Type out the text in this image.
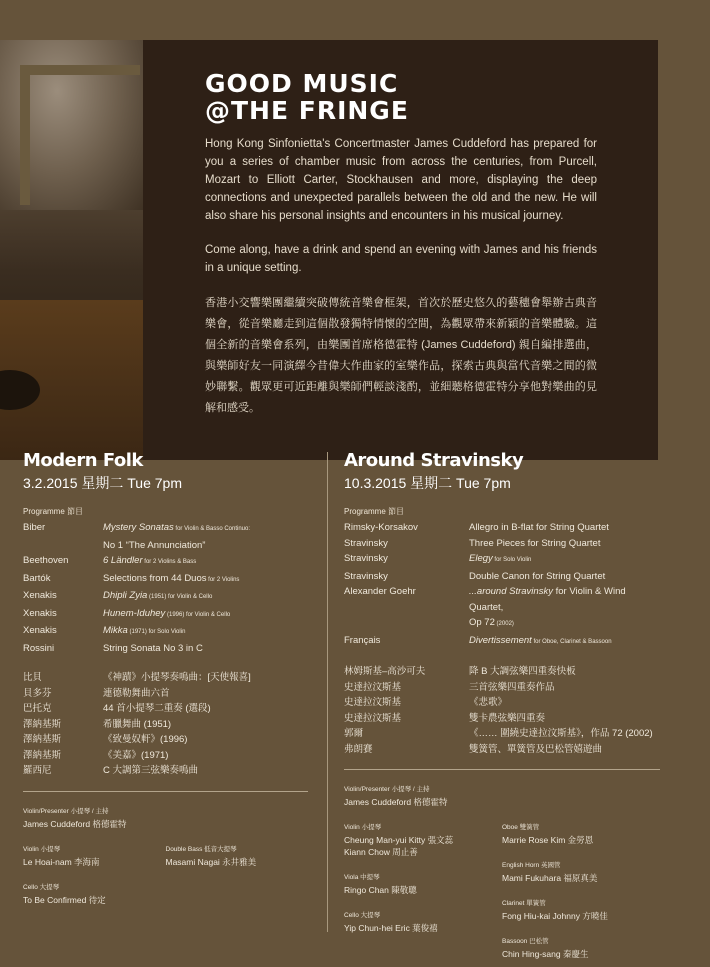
GOOD MUSIC
@THE FRINGE

Hong Kong Sinfonietta's Concertmaster James Cuddeford has prepared for you a series of chamber music from across the centuries, from Purcell, Mozart to Elliott Carter, Stockhausen and more, displaying the deep connections and unexpected parallels between the old and the new. He will also share his personal insights and encounters in his musical journey.

Come along, have a drink and spend an evening with James and his friends in a unique setting.

香港小交響樂團繼續突破傳統音樂會框架，首次於歷史悠久的藝穗會舉辦古典音樂會，從音樂廳走到這個散發獨特情懷的空間，為觀眾帶來新穎的音樂體驗。這個全新的音樂會系列，由樂團首席格德霍特 (James Cuddeford) 親自編排選曲，與樂師好友一同演繹今昔偉大作曲家的室樂作品，探索古典與當代音樂之間的微妙聯繫。觀眾更可近距離與樂師們輕談淺酌，並細聽格德霍特分享他對樂曲的見解和感受。

Modern Folk
3.2.2015 星期二 Tue 7pm
Programme 節目
Biber	Mystery Sonatas for Violin & Basso Continuo:
No 1 “The Annunciation”
Beethoven	6 Ländler for 2 Violins & Bass
Bartók	Selections from 44 Duos for 2 Violins
Xenakis	Dhipli Zyia (1951) for Violin & Cello
Xenakis	Hunem-Iduhey (1996) for Violin & Cello
Xenakis	Mikka (1971) for Solo Violin
Rossini	String Sonata No 3 in C
比貝	《神蹟》小提琴奏鳴曲：[天使報喜]
貝多芬	連德勒舞曲六首
巴托克	44 首小提琴二重奏 (選段)
澤納基斯	希臘舞曲 (1951)
澤納基斯	《致曼奴軒》(1996)
澤納基斯	《美嘉》(1971)
羅西尼	C 大調第三弦樂奏鳴曲
Violin/Presenter 小提琴 / 主持
James Cuddeford 格德霍特
Violin 小提琴
Le Hoai-nam 李海南
Cello 大提琴
To Be Confirmed 待定
Double Bass 低音大提琴
Masami Nagai 永井雅美
Around Stravinsky
10.3.2015 星期二 Tue 7pm
Programme 節目
Rimsky-Korsakov	Allegro in B-flat for String Quartet
Stravinsky	Three Pieces for String Quartet
Stravinsky	Elegy for Solo Violin
Stravinsky	Double Canon for String Quartet
Alexander Goehr	...around Stravinsky for Violin & Wind Quartet,
Op 72 (2002)
Français	Divertissement for Oboe, Clarinet & Bassoon
林姆斯基–高沙可夫	降 B 大調弦樂四重奏快板
史達拉汶斯基	三首弦樂四重奏作品
史達拉汶斯基	《悲歌》
史達拉汶斯基	雙卡農弦樂四重奏
郭爾	《…… 圍繞史達拉汶斯基》，作品 72 (2002)
弗朗賽	雙簧管、單簧管及巴松管嬉遊曲
Violin/Presenter 小提琴 / 主持
James Cuddeford 格德霍特
Violin 小提琴
Cheung Man-yui Kitty 張文蕊
Kiann Chow 周止善
Viola 中提琴
Ringo Chan 陳敬聰
Cello 大提琴
Yip Chun-hei Eric 葉俊禧
Oboe 雙簧管
Marrie Rose Kim 金勞恩
English Horn 英國管
Mami Fukuhara 福原真美
Clarinet 單簧管
Fong Hiu-kai Johnny 方曉佳
Bassoon 巴松管
Chin Hing-sang 秦慶生
